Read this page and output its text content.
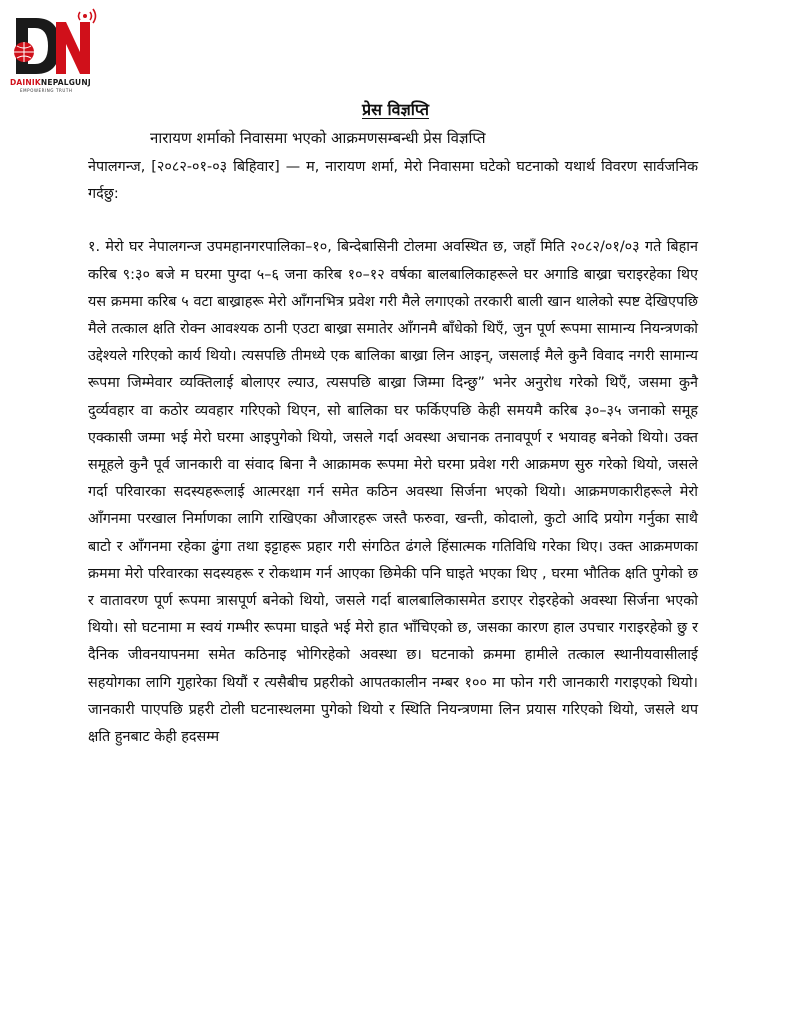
DAINIKNEPALGUNJ
EMPOWERING TRUTH
प्रेस विज्ञप्ति
नारायण शर्माको निवासमा भएको आक्रमणसम्बन्धी प्रेस विज्ञप्ति

नेपालगन्ज, [२०८२-०१-०३ बिहिवार] — म, नारायण शर्मा, मेरो निवासमा घटेको घटनाको यथार्थ विवरण सार्वजनिक गर्दछु:

१. मेरो घर नेपालगन्ज उपमहानगरपालिका–१०, बिन्देबासिनी टोलमा अवस्थित छ, जहाँ मिति २०८२/०१/०३ गते बिहान करिब ९:३० बजे म घरमा पुग्दा ५–६ जना करिब १०–१२ वर्षका बालबालिकाहरूले घर अगाडि बाख्रा चराइरहेका थिए यस क्रममा करिब ५ वटा बाख्राहरू मेरो आँगनभित्र प्रवेश गरी मैले लगाएको तरकारी बाली खान थालेको स्पष्ट देखिएपछि मैले तत्काल क्षति रोक्न आवश्यक ठानी एउटा बाख्रा समातेर आँगनमै बाँधेको थिएँ, जुन पूर्ण रूपमा सामान्य नियन्त्रणको उद्देश्यले गरिएको कार्य थियो। त्यसपछि तीमध्ये एक बालिका बाख्रा लिन आइन्, जसलाई मैले कुनै विवाद नगरी सामान्य रूपमा जिम्मेवार व्यक्तिलाई बोलाएर ल्याउ, त्यसपछि बाख्रा जिम्मा दिन्छु” भनेर अनुरोध गरेको थिएँ, जसमा कुनै दुर्व्यवहार वा कठोर व्यवहार गरिएको थिएन, सो बालिका घर फर्किएपछि केही समयमै करिब ३०–३५ जनाको समूह एक्कासी जम्मा भई मेरो घरमा आइपुगेको थियो, जसले गर्दा अवस्था अचानक तनावपूर्ण र भयावह बनेको थियो। उक्त समूहले कुनै पूर्व जानकारी वा संवाद बिना नै आक्रामक रूपमा मेरो घरमा प्रवेश गरी आक्रमण सुरु गरेको थियो, जसले गर्दा परिवारका सदस्यहरूलाई आत्मरक्षा गर्न समेत कठिन अवस्था सिर्जना भएको थियो। आक्रमणकारीहरूले मेरो आँगनमा परखाल निर्माणका लागि राखिएका औजारहरू जस्तै फरुवा, खन्ती, कोदालो, कुटो आदि प्रयोग गर्नुका साथै बाटो र आँगनमा रहेका ढुंगा तथा इट्टाहरू प्रहार गरी संगठित ढंगले हिंसात्मक गतिविधि गरेका थिए। उक्त आक्रमणका क्रममा मेरो परिवारका सदस्यहरू र रोकथाम गर्न आएका छिमेकी पनि घाइते भएका थिए , घरमा भौतिक क्षति पुगेको छ र वातावरण पूर्ण रूपमा त्रासपूर्ण बनेको थियो, जसले गर्दा बालबालिकासमेत डराएर रोइरहेको अवस्था सिर्जना भएको थियो। सो घटनामा म स्वयं गम्भीर रूपमा घाइते भई मेरो हात भाँचिएको छ, जसका कारण हाल उपचार गराइरहेको छु र दैनिक जीवनयापनमा समेत कठिनाइ भोगिरहेको अवस्था छ। घटनाको क्रममा हामीले तत्काल स्थानीयवासीलाई सहयोगका लागि गुहारेका थियौं र त्यसैबीच प्रहरीको आपतकालीन नम्बर १०० मा फोन गरी जानकारी गराइएको थियो। जानकारी पाएपछि प्रहरी टोली घटनास्थलमा पुगेको थियो र स्थिति नियन्त्रणमा लिन प्रयास गरिएको थियो, जसले थप क्षति हुनबाट केही हदसम्म
